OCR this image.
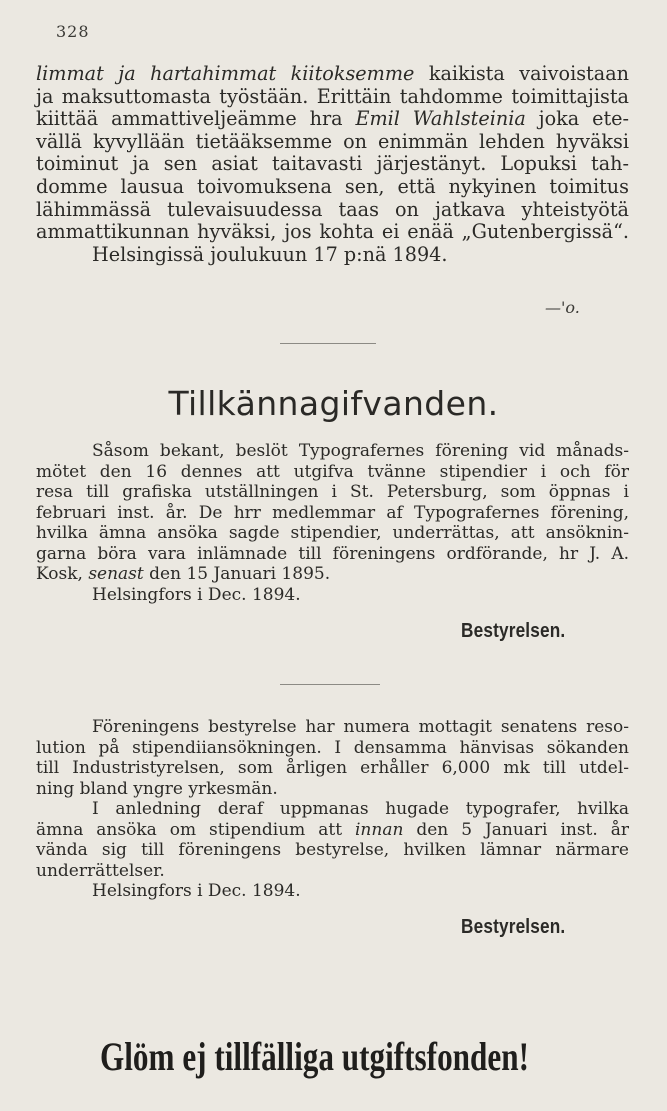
328
limmat ja hartahimmat kiitoksemme kaikista vaivoistaan
ja maksuttomasta työstään. Erittäin tahdomme toimittajista
kiittää ammattiveljeämme hra Emil Wahlsteinia joka ete-
vällä kyvyllään tietääksemme on enimmän lehden hyväksi
toiminut ja sen asiat taitavasti järjestänyt. Lopuksi tah-
domme lausua toivomuksena sen, että nykyinen toimitus
lähimmässä tulevaisuudessa taas on jatkava yhteistyötä
ammattikunnan hyväksi, jos kohta ei enää „Gutenbergissä“.
Helsingissä joulukuun 17 p:nä 1894.
—'o.
Tillkännagifvanden.
Såsom bekant, beslöt Typografernes förening vid månads-
mötet den 16 dennes att utgifva tvänne stipendier i och för
resa till grafiska utställningen i St. Petersburg, som öppnas i
februari inst. år. De hrr medlemmar af Typografernes förening,
hvilka ämna ansöka sagde stipendier, underrättas, att ansöknin-
garna böra vara inlämnade till föreningens ordförande, hr J. A.
Kosk, senast den 15 Januari 1895.
Helsingfors i Dec. 1894.
Bestyrelsen.
Föreningens bestyrelse har numera mottagit senatens reso-
lution på stipendiiansökningen. I densamma hänvisas sökanden
till Industristyrelsen, som årligen erhåller 6,000 mk till utdel-
ning bland yngre yrkesmän.
I anledning deraf uppmanas hugade typografer, hvilka
ämna ansöka om stipendium att innan den 5 Januari inst. år
vända sig till föreningens bestyrelse, hvilken lämnar närmare
underrättelser.
Helsingfors i Dec. 1894.
Bestyrelsen.
Glöm ej tillfälliga utgiftsfonden!
